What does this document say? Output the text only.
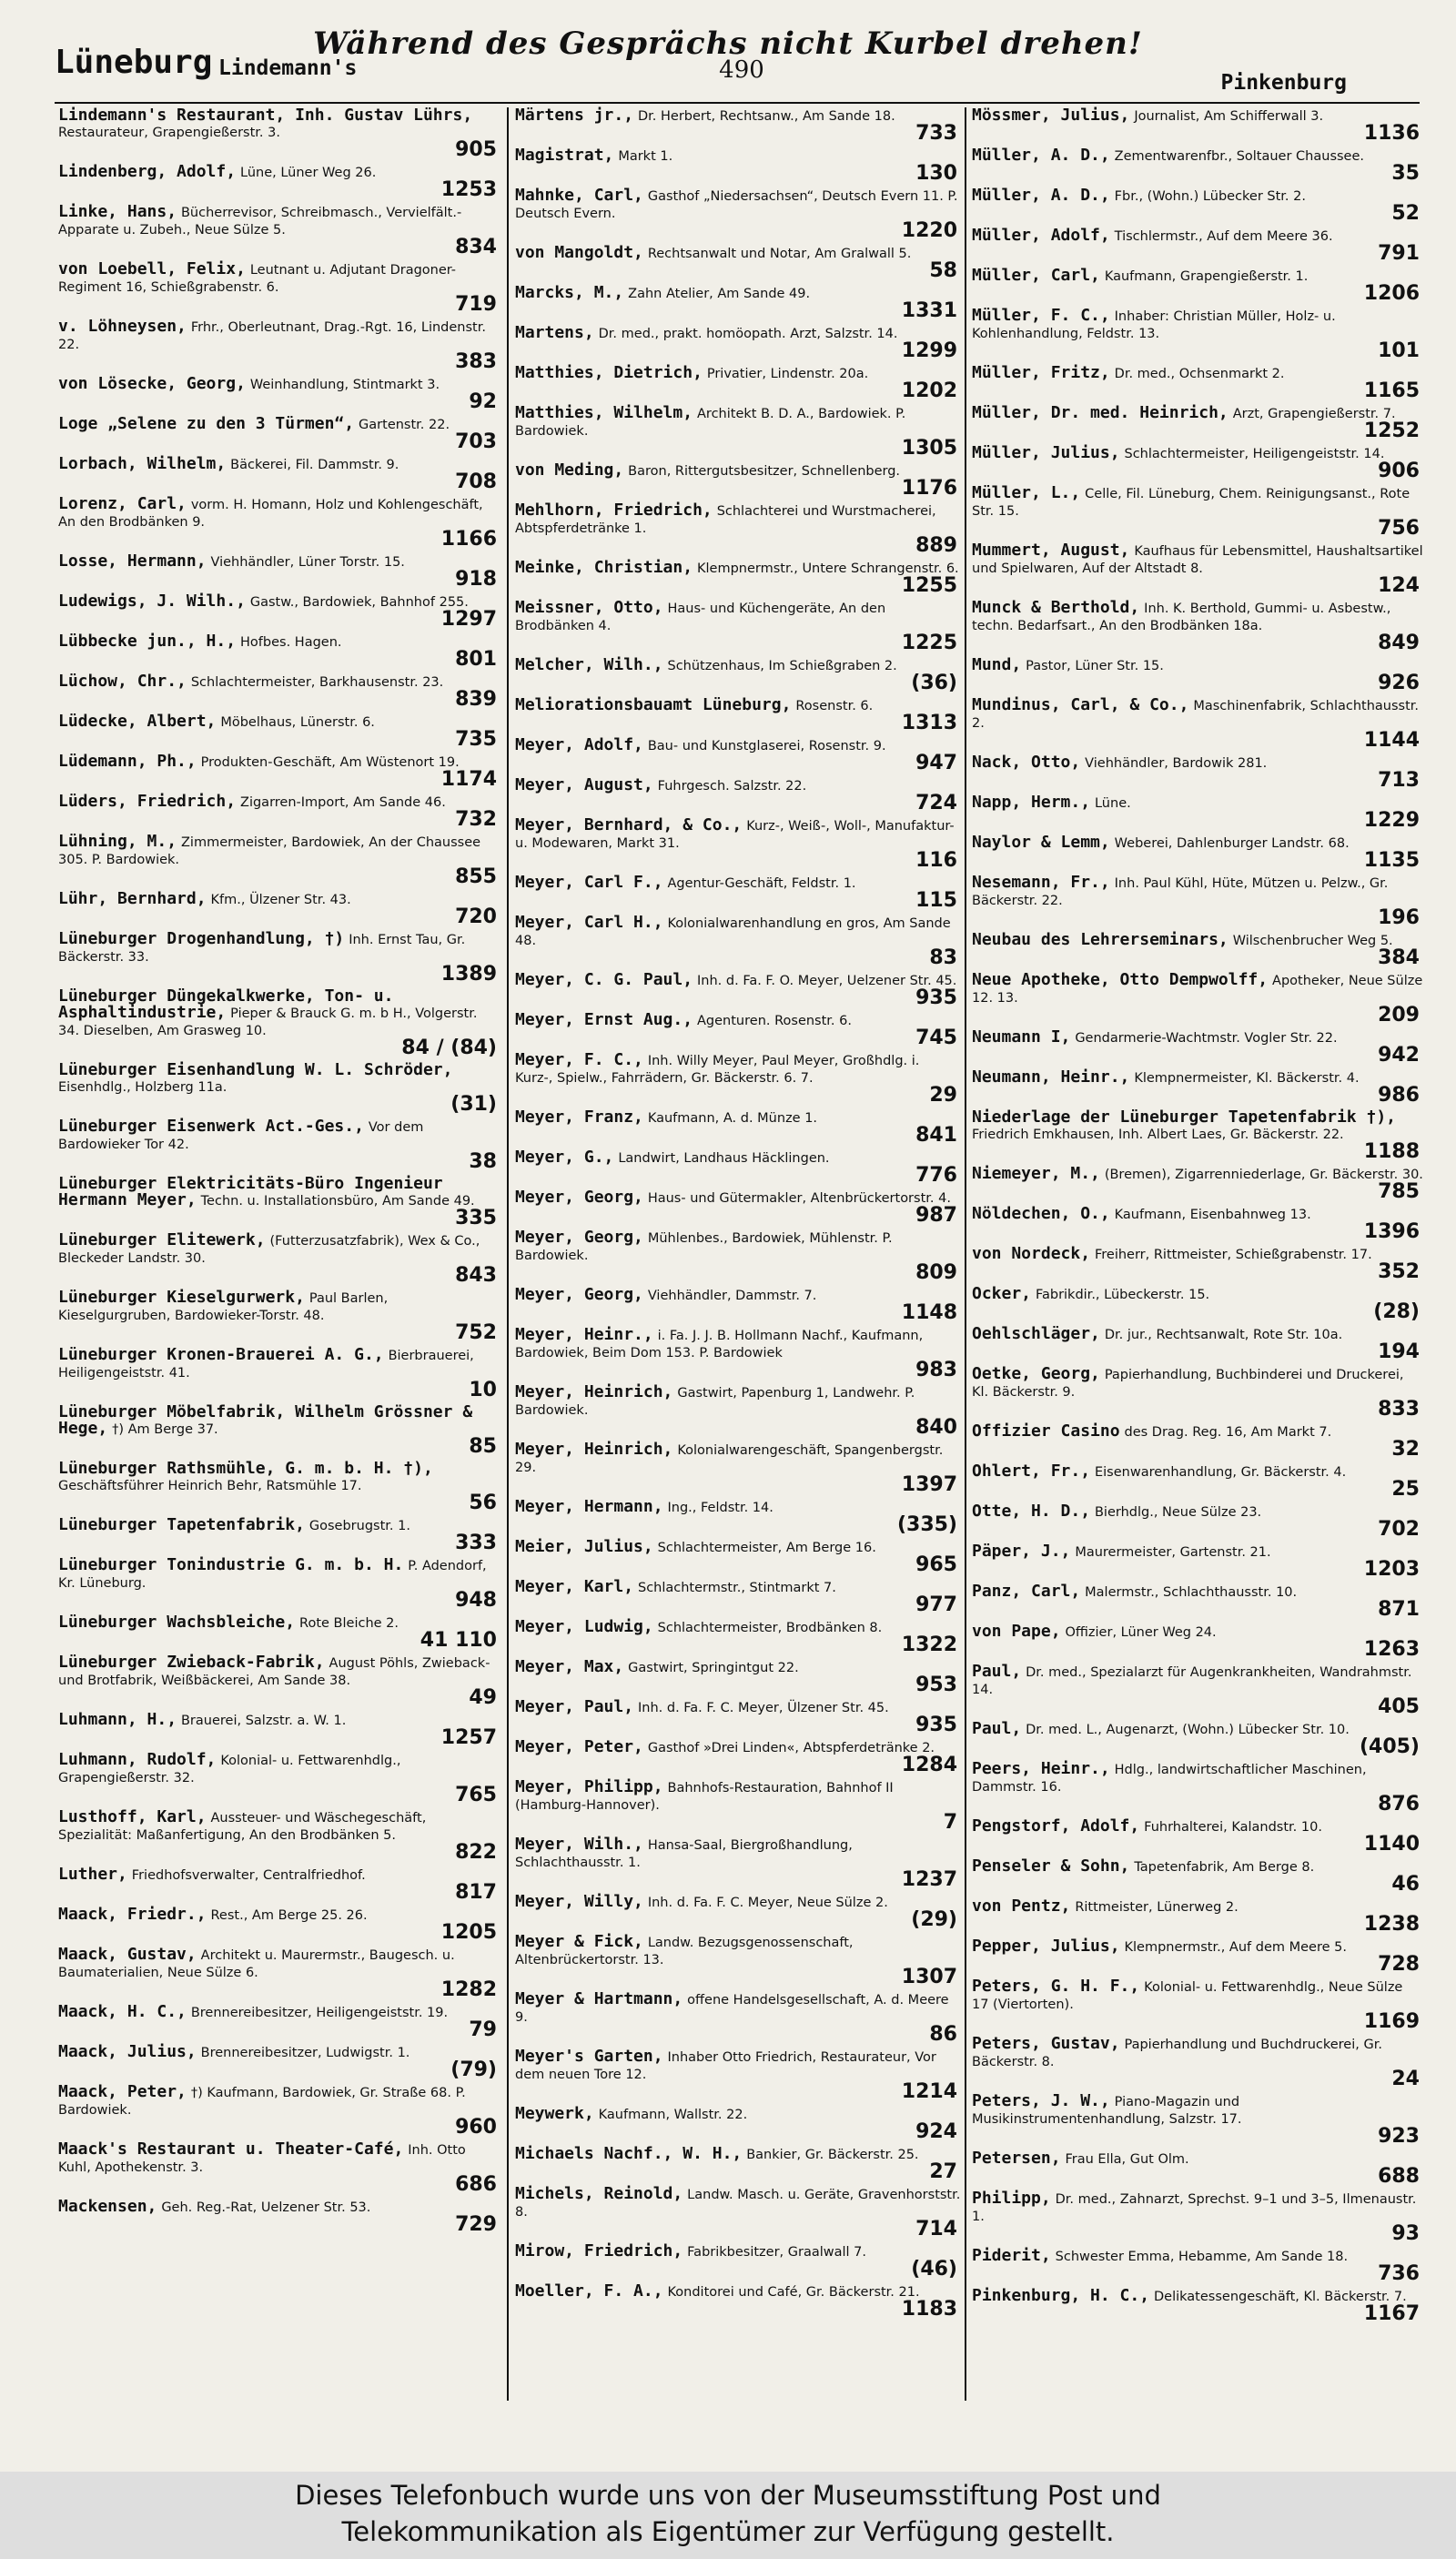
Während des Gesprächs nicht Kurbel drehen!
Lüneburg Lindemann's	490	Pinkenburg
Lindemann's Restaurant, Inh. Gustav Lührs, Restaurateur, Grapengießerstr. 3.
905
Lindenberg, Adolf, Lüne, Lüner Weg 26.
1253
Linke, Hans, Bücherrevisor, Schreibmasch., Vervielfält.-Apparate u. Zubeh., Neue Sülze 5.
834
von Loebell, Felix, Leutnant u. Adjutant Dragoner-Regiment 16, Schießgrabenstr. 6.
719
v. Löhneysen, Frhr., Oberleutnant, Drag.-Rgt. 16, Lindenstr. 22.
383
von Lösecke, Georg, Weinhandlung, Stintmarkt 3.
92
Loge „Selene zu den 3 Türmen“, Gartenstr. 22.
703
Lorbach, Wilhelm, Bäckerei, Fil. Dammstr. 9.
708
Lorenz, Carl, vorm. H. Homann, Holz und Kohlengeschäft, An den Brodbänken 9.
1166
Losse, Hermann, Viehhändler, Lüner Torstr. 15.
918
Ludewigs, J. Wilh., Gastw., Bardowiek, Bahnhof 255.
1297
Lübbecke jun., H., Hofbes. Hagen.
801
Lüchow, Chr., Schlachtermeister, Barkhausenstr. 23.
839
Lüdecke, Albert, Möbelhaus, Lünerstr. 6.
735
Lüdemann, Ph., Produkten-Geschäft, Am Wüstenort 19.
1174
Lüders, Friedrich, Zigarren-Import, Am Sande 46.
732
Lühning, M., Zimmermeister, Bardowiek, An der Chaussee 305. P. Bardowiek.
855
Lühr, Bernhard, Kfm., Ülzener Str. 43.
720
Lüneburger Drogenhandlung, †) Inh. Ernst Tau, Gr. Bäckerstr. 33.
1389
Lüneburger Düngekalkwerke, Ton- u. Asphaltindustrie, Pieper & Brauck G. m. b H., Volgerstr. 34. Dieselben, Am Grasweg 10.
84 / (84)
Lüneburger Eisenhandlung W. L. Schröder, Eisenhdlg., Holzberg 11a.
(31)
Lüneburger Eisenwerk Act.-Ges., Vor dem Bardowieker Tor 42.
38
Lüneburger Elektricitäts-Büro Ingenieur Hermann Meyer, Techn. u. Installationsbüro, Am Sande 49.
335
Lüneburger Elitewerk, (Futterzusatzfabrik), Wex & Co., Bleckeder Landstr. 30.
843
Lüneburger Kieselgurwerk, Paul Barlen, Kieselgurgruben, Bardowieker-Torstr. 48.
752
Lüneburger Kronen-Brauerei A. G., Bierbrauerei, Heiligengeiststr. 41.
10
Lüneburger Möbelfabrik, Wilhelm Grössner & Hege, †) Am Berge 37.
85
Lüneburger Rathsmühle, G. m. b. H. †), Geschäftsführer Heinrich Behr, Ratsmühle 17.
56
Lüneburger Tapetenfabrik, Gosebrugstr. 1.
333
Lüneburger Tonindustrie G. m. b. H. P. Adendorf, Kr. Lüneburg.
948
Lüneburger Wachsbleiche, Rote Bleiche 2.
41 110
Lüneburger Zwieback-Fabrik, August Pöhls, Zwieback- und Brotfabrik, Weißbäckerei, Am Sande 38.
49
Luhmann, H., Brauerei, Salzstr. a. W. 1.
1257
Luhmann, Rudolf, Kolonial- u. Fettwarenhdlg., Grapengießerstr. 32.
765
Lusthoff, Karl, Aussteuer- und Wäschegeschäft, Spezialität: Maßanfertigung, An den Brodbänken 5.
822
Luther, Friedhofsverwalter, Centralfriedhof.
817
Maack, Friedr., Rest., Am Berge 25. 26.
1205
Maack, Gustav, Architekt u. Maurermstr., Baugesch. u. Baumaterialien, Neue Sülze 6.
1282
Maack, H. C., Brennereibesitzer, Heiligengeiststr. 19.
79
Maack, Julius, Brennereibesitzer, Ludwigstr. 1.
(79)
Maack, Peter, †) Kaufmann, Bardowiek, Gr. Straße 68. P. Bardowiek.
960
Maack's Restaurant u. Theater-Café, Inh. Otto Kuhl, Apothekenstr. 3.
686
Mackensen, Geh. Reg.-Rat, Uelzener Str. 53.
729
Märtens jr., Dr. Herbert, Rechtsanw., Am Sande 18.
733
Magistrat, Markt 1.
130
Mahnke, Carl, Gasthof „Niedersachsen“, Deutsch Evern 11. P. Deutsch Evern.
1220
von Mangoldt, Rechtsanwalt und Notar, Am Gralwall 5.
58
Marcks, M., Zahn Atelier, Am Sande 49.
1331
Martens, Dr. med., prakt. homöopath. Arzt, Salzstr. 14.
1299
Matthies, Dietrich, Privatier, Lindenstr. 20a.
1202
Matthies, Wilhelm, Architekt B. D. A., Bardowiek. P. Bardowiek.
1305
von Meding, Baron, Rittergutsbesitzer, Schnellenberg.
1176
Mehlhorn, Friedrich, Schlachterei und Wurstmacherei, Abtspferdetränke 1.
889
Meinke, Christian, Klempnermstr., Untere Schrangenstr. 6.
1255
Meissner, Otto, Haus- und Küchengeräte, An den Brodbänken 4.
1225
Melcher, Wilh., Schützenhaus, Im Schießgraben 2.
(36)
Meliorationsbauamt Lüneburg, Rosenstr. 6.
1313
Meyer, Adolf, Bau- und Kunstglaserei, Rosenstr. 9.
947
Meyer, August, Fuhrgesch. Salzstr. 22.
724
Meyer, Bernhard, & Co., Kurz-, Weiß-, Woll-, Manufaktur- u. Modewaren, Markt 31.
116
Meyer, Carl F., Agentur-Geschäft, Feldstr. 1.
115
Meyer, Carl H., Kolonialwarenhandlung en gros, Am Sande 48.
83
Meyer, C. G. Paul, Inh. d. Fa. F. O. Meyer, Uelzener Str. 45.
935
Meyer, Ernst Aug., Agenturen. Rosenstr. 6.
745
Meyer, F. C., Inh. Willy Meyer, Paul Meyer, Großhdlg. i. Kurz-, Spielw., Fahrrädern, Gr. Bäckerstr. 6. 7.
29
Meyer, Franz, Kaufmann, A. d. Münze 1.
841
Meyer, G., Landwirt, Landhaus Häcklingen.
776
Meyer, Georg, Haus- und Gütermakler, Altenbrückertorstr. 4.
987
Meyer, Georg, Mühlenbes., Bardowiek, Mühlenstr. P. Bardowiek.
809
Meyer, Georg, Viehhändler, Dammstr. 7.
1148
Meyer, Heinr., i. Fa. J. J. B. Hollmann Nachf., Kaufmann, Bardowiek, Beim Dom 153. P. Bardowiek
983
Meyer, Heinrich, Gastwirt, Papenburg 1, Landwehr. P. Bardowiek.
840
Meyer, Heinrich, Kolonialwarengeschäft, Spangenbergstr. 29.
1397
Meyer, Hermann, Ing., Feldstr. 14.
(335)
Meier, Julius, Schlachtermeister, Am Berge 16.
965
Meyer, Karl, Schlachtermstr., Stintmarkt 7.
977
Meyer, Ludwig, Schlachtermeister, Brodbänken 8.
1322
Meyer, Max, Gastwirt, Springintgut 22.
953
Meyer, Paul, Inh. d. Fa. F. C. Meyer, Ülzener Str. 45.
935
Meyer, Peter, Gasthof »Drei Linden«, Abtspferdetränke 2.
1284
Meyer, Philipp, Bahnhofs-Restauration, Bahnhof II (Hamburg-Hannover).
7
Meyer, Wilh., Hansa-Saal, Biergroßhandlung, Schlachthausstr. 1.
1237
Meyer, Willy, Inh. d. Fa. F. C. Meyer, Neue Sülze 2.
(29)
Meyer & Fick, Landw. Bezugsgenossenschaft, Altenbrückertorstr. 13.
1307
Meyer & Hartmann, offene Handelsgesellschaft, A. d. Meere 9.
86
Meyer's Garten, Inhaber Otto Friedrich, Restaurateur, Vor dem neuen Tore 12.
1214
Meywerk, Kaufmann, Wallstr. 22.
924
Michaels Nachf., W. H., Bankier, Gr. Bäckerstr. 25.
27
Michels, Reinold, Landw. Masch. u. Geräte, Gravenhorststr. 8.
714
Mirow, Friedrich, Fabrikbesitzer, Graalwall 7.
(46)
Moeller, F. A., Konditorei und Café, Gr. Bäckerstr. 21.
1183
Mössmer, Julius, Journalist, Am Schifferwall 3.
1136
Müller, A. D., Zementwarenfbr., Soltauer Chaussee.
35
Müller, A. D., Fbr., (Wohn.) Lübecker Str. 2.
52
Müller, Adolf, Tischlermstr., Auf dem Meere 36.
791
Müller, Carl, Kaufmann, Grapengießerstr. 1.
1206
Müller, F. C., Inhaber: Christian Müller, Holz- u. Kohlenhandlung, Feldstr. 13.
101
Müller, Fritz, Dr. med., Ochsenmarkt 2.
1165
Müller, Dr. med. Heinrich, Arzt, Grapengießerstr. 7.
1252
Müller, Julius, Schlachtermeister, Heiligengeiststr. 14.
906
Müller, L., Celle, Fil. Lüneburg, Chem. Reinigungsanst., Rote Str. 15.
756
Mummert, August, Kaufhaus für Lebensmittel, Haushaltsartikel und Spielwaren, Auf der Altstadt 8.
124
Munck & Berthold, Inh. K. Berthold, Gummi- u. Asbestw., techn. Bedarfsart., An den Brodbänken 18a.
849
Mund, Pastor, Lüner Str. 15.
926
Mundinus, Carl, & Co., Maschinenfabrik, Schlachthausstr. 2.
1144
Nack, Otto, Viehhändler, Bardowik 281.
713
Napp, Herm., Lüne.
1229
Naylor & Lemm, Weberei, Dahlenburger Landstr. 68.
1135
Nesemann, Fr., Inh. Paul Kühl, Hüte, Mützen u. Pelzw., Gr. Bäckerstr. 22.
196
Neubau des Lehrerseminars, Wilschenbrucher Weg 5.
384
Neue Apotheke, Otto Dempwolff, Apotheker, Neue Sülze 12. 13.
209
Neumann I, Gendarmerie-Wachtmstr. Vogler Str. 22.
942
Neumann, Heinr., Klempnermeister, Kl. Bäckerstr. 4.
986
Niederlage der Lüneburger Tapetenfabrik †), Friedrich Emkhausen, Inh. Albert Laes, Gr. Bäckerstr. 22.
1188
Niemeyer, M., (Bremen), Zigarrenniederlage, Gr. Bäckerstr. 30.
785
Nöldechen, O., Kaufmann, Eisenbahnweg 13.
1396
von Nordeck, Freiherr, Rittmeister, Schießgrabenstr. 17.
352
Ocker, Fabrikdir., Lübeckerstr. 15.
(28)
Oehlschläger, Dr. jur., Rechtsanwalt, Rote Str. 10a.
194
Oetke, Georg, Papierhandlung, Buchbinderei und Druckerei, Kl. Bäckerstr. 9.
833
Offizier Casino des Drag. Reg. 16, Am Markt 7.
32
Ohlert, Fr., Eisenwarenhandlung, Gr. Bäckerstr. 4.
25
Otte, H. D., Bierhdlg., Neue Sülze 23.
702
Päper, J., Maurermeister, Gartenstr. 21.
1203
Panz, Carl, Malermstr., Schlachthausstr. 10.
871
von Pape, Offizier, Lüner Weg 24.
1263
Paul, Dr. med., Spezialarzt für Augenkrankheiten, Wandrahmstr. 14.
405
Paul, Dr. med. L., Augenarzt, (Wohn.) Lübecker Str. 10.
(405)
Peers, Heinr., Hdlg., landwirtschaftlicher Maschinen, Dammstr. 16.
876
Pengstorf, Adolf, Fuhrhalterei, Kalandstr. 10.
1140
Penseler & Sohn, Tapetenfabrik, Am Berge 8.
46
von Pentz, Rittmeister, Lünerweg 2.
1238
Pepper, Julius, Klempnermstr., Auf dem Meere 5.
728
Peters, G. H. F., Kolonial- u. Fettwarenhdlg., Neue Sülze 17 (Viertorten).
1169
Peters, Gustav, Papierhandlung und Buchdruckerei, Gr. Bäckerstr. 8.
24
Peters, J. W., Piano-Magazin und Musikinstrumentenhandlung, Salzstr. 17.
923
Petersen, Frau Ella, Gut Olm.
688
Philipp, Dr. med., Zahnarzt, Sprechst. 9–1 und 3–5, Ilmenaustr. 1.
93
Piderit, Schwester Emma, Hebamme, Am Sande 18.
736
Pinkenburg, H. C., Delikatessengeschäft, Kl. Bäckerstr. 7.
1167
Dieses Telefonbuch wurde uns von der Museumsstiftung Post und
Telekommunikation als Eigentümer zur Verfügung gestellt.
